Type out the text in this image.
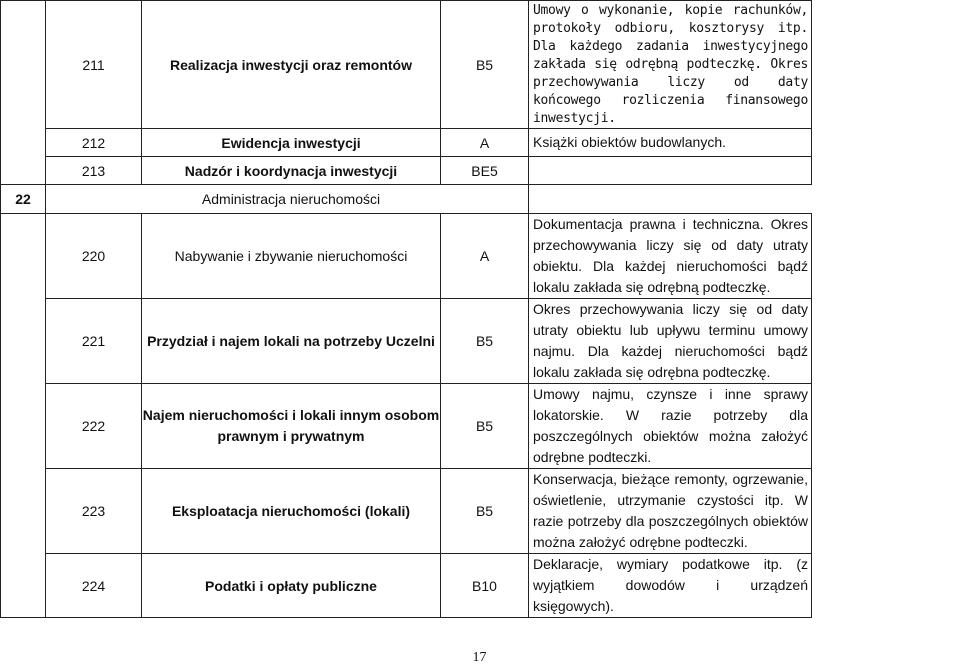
	211	Realizacja inwestycji oraz remontów	B5	Umowy o wykonanie, kopie rachunków, protokoły odbioru, kosztorysy itp. Dla każdego zadania inwestycyjnego zakłada się odrębną podteczkę. Okres przechowywania liczy od daty końcowego rozliczenia finansowego inwestycji.
	212	Ewidencja inwestycji	A	Książki obiektów budowlanych.
	213	Nadzór i koordynacja inwestycji	BE5	
22		Administracja nieruchomości		
	220	Nabywanie i zbywanie nieruchomości	A	Dokumentacja prawna i techniczna. Okres przechowywania liczy się od daty utraty obiektu. Dla każdej nieruchomości bądź lokalu zakłada się odrębną podteczkę.
	221	Przydział i najem lokali na potrzeby Uczelni	B5	Okres przechowywania liczy się od daty utraty obiektu lub upływu terminu umowy najmu. Dla każdej nieruchomości bądź lokalu zakłada się odrębna podteczkę.
	222	Najem nieruchomości i lokali innym osobom prawnym i prywatnym	B5	Umowy najmu, czynsze i inne sprawy lokatorskie. W razie potrzeby dla poszczególnych obiektów można założyć odrębne podteczki.
	223	Eksploatacja nieruchomości (lokali)	B5	Konserwacja, bieżące remonty, ogrzewanie, oświetlenie, utrzymanie czystości itp. W razie potrzeby dla poszczególnych obiektów można założyć odrębne podteczki.
	224	Podatki i opłaty publiczne	B10	Deklaracje, wymiary podatkowe itp. (z wyjątkiem dowodów i urządzeń księgowych).
17
